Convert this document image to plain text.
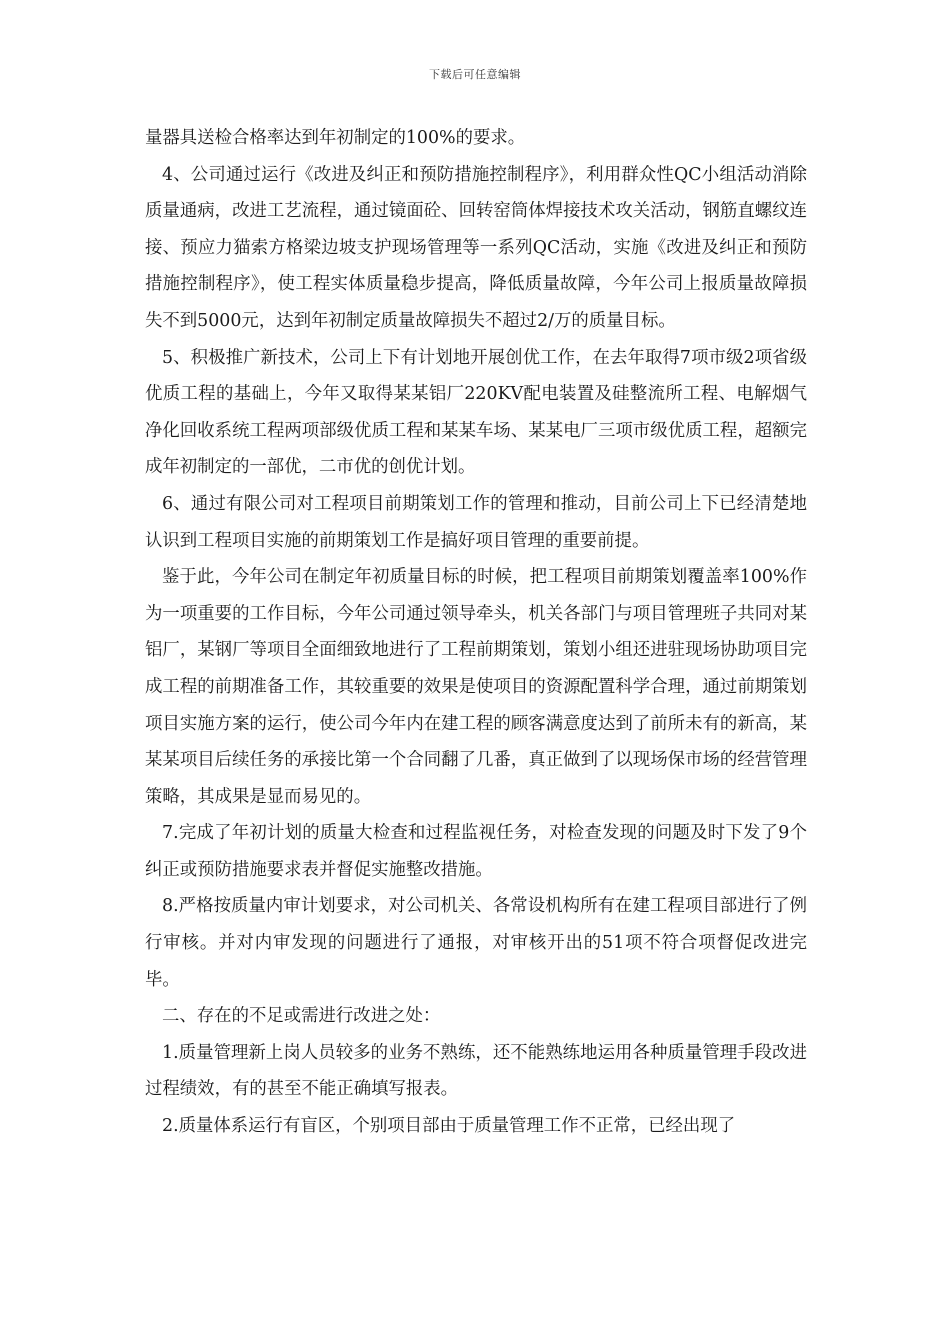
下载后可任意编辑

量器具送检合格率达到年初制定的100%的要求。

4、公司通过运行《改进及纠正和预防措施控制程序》，利用群众性QC小组活动消除质量通病，改进工艺流程，通过镜面砼、回转窑筒体焊接技术攻关活动，钢筋直螺纹连接、预应力猫索方格梁边坡支护现场管理等一系列QC活动，实施《改进及纠正和预防措施控制程序》，使工程实体质量稳步提高，降低质量故障，今年公司上报质量故障损失不到5000元，达到年初制定质量故障损失不超过2/万的质量目标。

5、积极推广新技术，公司上下有计划地开展创优工作，在去年取得7项市级2项省级优质工程的基础上，今年又取得某某铝厂220KV配电装置及硅整流所工程、电解烟气净化回收系统工程两项部级优质工程和某某车场、某某电厂三项市级优质工程，超额完成年初制定的一部优，二市优的创优计划。

6、通过有限公司对工程项目前期策划工作的管理和推动，目前公司上下已经清楚地认识到工程项目实施的前期策划工作是搞好项目管理的重要前提。

鉴于此，今年公司在制定年初质量目标的时候，把工程项目前期策划覆盖率100%作为一项重要的工作目标，今年公司通过领导牵头，机关各部门与项目管理班子共同对某铝厂，某钢厂等项目全面细致地进行了工程前期策划，策划小组还进驻现场协助项目完成工程的前期准备工作，其较重要的效果是使项目的资源配置科学合理，通过前期策划项目实施方案的运行，使公司今年内在建工程的顾客满意度达到了前所未有的新高，某某某项目后续任务的承接比第一个合同翻了几番，真正做到了以现场保市场的经营管理策略，其成果是显而易见的。

7.完成了年初计划的质量大检查和过程监视任务，对检查发现的问题及时下发了9个纠正或预防措施要求表并督促实施整改措施。

8.严格按质量内审计划要求，对公司机关、各常设机构所有在建工程项目部进行了例行审核。并对内审发现的问题进行了通报，对审核开出的51项不符合项督促改进完毕。

二、存在的不足或需进行改进之处：

1.质量管理新上岗人员较多的业务不熟练，还不能熟练地运用各种质量管理手段改进过程绩效，有的甚至不能正确填写报表。

2.质量体系运行有盲区，个别项目部由于质量管理工作不正常，已经出现了
